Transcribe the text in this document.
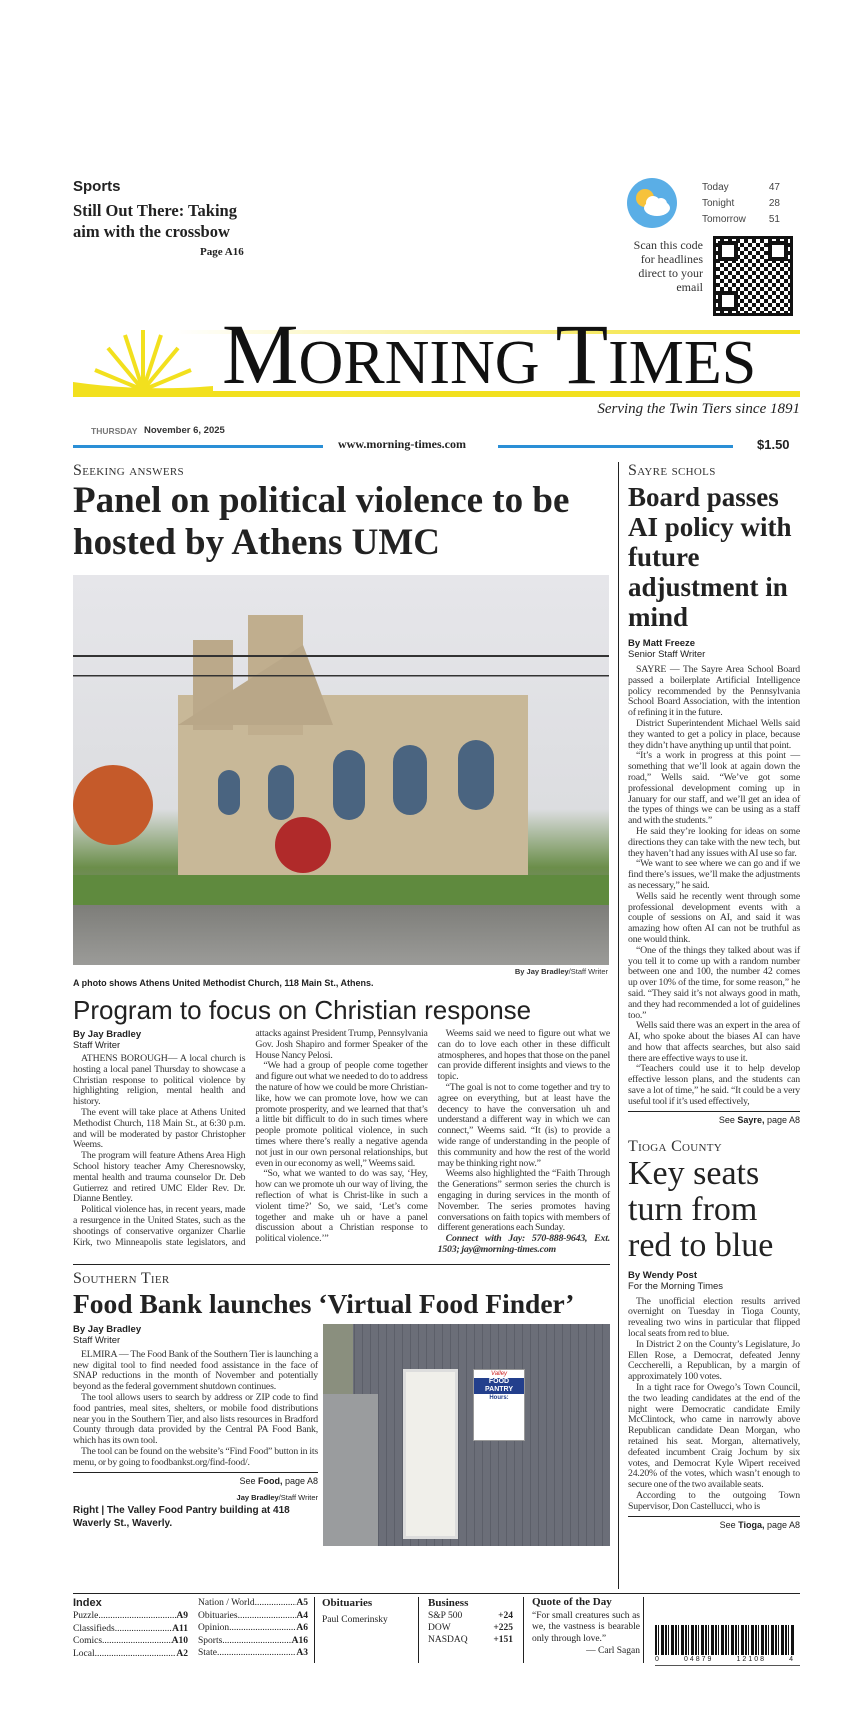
Sports
Still Out There: Taking aim with the crossbow
Page A16
Today	47
Tonight	28
Tomorrow 51
Scan this code for headlines direct to your email
MORNING TIMES
Serving the Twin Tiers since 1891
THURSDAY November 6, 2025
www.morning-times.com	$1.50
Seeking answers
Panel on political violence to be hosted by Athens UMC
By Jay Bradley/Staff Writer
A photo shows Athens United Methodist Church, 118 Main St., Athens.
Program to focus on Christian response
By Jay Bradley
Staff Writer

ATHENS BOROUGH— A local church is hosting a local panel Thursday to showcase a Christian response to political violence by highlighting religion, mental health and history.

The event will take place at Athens United Methodist Church, 118 Main St., at 6:30 p.m. and will be moderated by pastor Christopher Weems.

The program will feature Athens Area High School history teacher Amy Cheresnowsky, mental health and trauma counselor Dr. Deb Gutierrez and retired UMC Elder Rev. Dr. Dianne Bentley.

Political violence has, in recent years, made a resurgence in the United States, such as the shootings of conservative organizer Charlie Kirk, two Minneapolis state legislators, and attacks against President Trump, Pennsylvania Gov. Josh Shapiro and former Speaker of the House Nancy Pelosi.

“We had a group of people come together and figure out what we needed to do to address the nature of how we could be more Christian-like, how we can promote love, how we can promote prosperity, and we learned that that’s a little bit difficult to do in such times where people promote political violence, in such times where there’s really a negative agenda not just in our own personal relationships, but even in our economy as well,” Weems said.

“So, what we wanted to do was say, ‘Hey, how can we promote uh our way of living, the reflection of what is Christ-like in such a violent time?’ So, we said, ‘Let’s come together and make uh or have a panel discussion about a Christian response to political violence.’”

Weems said we need to figure out what we can do to love each other in these difficult atmospheres, and hopes that those on the panel can provide different insights and views to the topic.

“The goal is not to come together and try to agree on everything, but at least have the decency to have the conversation uh and understand a different way in which we can connect,” Weems said. “It (is) to provide a wide range of understanding in the people of this community and how the rest of the world may be thinking right now.”

Weems also highlighted the “Faith Through the Generations” sermon series the church is engaging in during services in the month of November. The series promotes having conversations on faith topics with members of different generations each Sunday.

Connect with Jay: 570-888-9643, Ext. 1503; jay@morning-times.com

Southern Tier
Food Bank launches ‘Virtual Food Finder’
By Jay Bradley
Staff Writer

ELMIRA — The Food Bank of the Southern Tier is launching a new digital tool to find needed food assistance in the face of SNAP reductions in the month of November and potentially beyond as the federal government shutdown continues.

The tool allows users to search by address or ZIP code to find food pantries, meal sites, shelters, or mobile food distributions near you in the Southern Tier, and also lists resources in Bradford County through data provided by the Central PA Food Bank, which has its own tool.

The tool can be found on the website’s “Find Food” button in its menu, or by going to foodbankst.org/find-food/.

See Food, page A8
Jay Bradley/Staff Writer
Right | The Valley Food Pantry building at 418 Waverly St., Waverly.
Valley
FOOD PANTRY
Hours:
Sayre schols
Board passes AI policy with future adjustment in mind
By Matt Freeze
Senior Staff Writer

SAYRE — The Sayre Area School Board passed a boilerplate Artificial Intelligence policy recommended by the Pennsylvania School Board Association, with the intention of refining it in the future.

District Superintendent Michael Wells said they wanted to get a policy in place, because they didn’t have anything up until that point.

“It’s a work in progress at this point — something that we’ll look at again down the road,” Wells said. “We’ve got some professional development coming up in January for our staff, and we’ll get an idea of the types of things we can be using as a staff and with the students.”

He said they’re looking for ideas on some directions they can take with the new tech, but they haven’t had any issues with AI use so far.

“We want to see where we can go and if we find there’s issues, we’ll make the adjustments as necessary,” he said.

Wells said he recently went through some professional development events with a couple of sessions on AI, and said it was amazing how often AI can not be truthful as one would think.

“One of the things they talked about was if you tell it to come up with a random number between one and 100, the number 42 comes up over 10% of the time, for some reason,” he said. “They said it’s not always good in math, and they had recommended a lot of guidelines too.”

Wells said there was an expert in the area of AI, who spoke about the biases AI can have and how that affects searches, but also said there are effective ways to use it.

“Teachers could use it to help develop effective lesson plans, and the students can save a lot of time,” he said. “It could be a very useful tool if it’s used effectively,

See Sayre, page A8
Tioga County
Key seats turn from red to blue
By Wendy Post
For the Morning Times

The unofficial election results arrived overnight on Tuesday in Tioga County, revealing two wins in particular that flipped local seats from red to blue.

In District 2 on the County’s Legislature, Jo Ellen Rose, a Democrat, defeated Jenny Ceccherelli, a Republican, by a margin of approximately 100 votes.

In a tight race for Owego’s Town Council, the two leading candidates at the end of the night were Democratic candidate Emily McClintock, who came in narrowly above Republican candidate Dean Morgan, who retained his seat. Morgan, alternatively, defeated incumbent Craig Jochum by six votes, and Democrat Kyle Wipert received 24.20% of the votes, which wasn’t enough to secure one of the two available seats.

According to the outgoing Town Supervisor, Don Castellucci, who is

See Tioga, page A8
Index
Puzzle .....	A9
Classifieds .....	A11
Comics .....	A10
Local .....	A2
Nation / World .....	A5
Obituaries .....	A4
Opinion .....	A6
Sports .....	A16
State .....	A3
Obituaries
Paul Comerinsky
Business
S&P 500	+24
DOW	+225
NASDAQ	+151
Quote of the Day
“For small creatures such as we, the vastness is bearable only through love.”
— Carl Sagan
0	04879	12108	4
